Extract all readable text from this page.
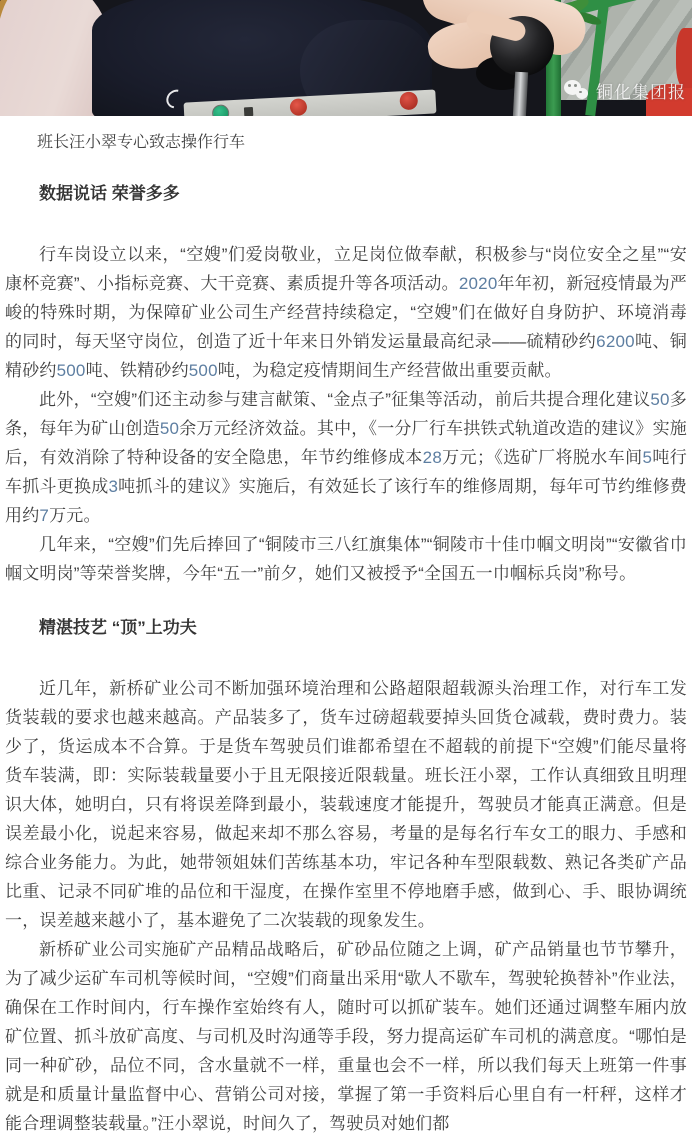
铜化集团报

班长汪小翠专心致志操作行车

数据说话 荣誉多多

行车岗设立以来，“空嫂”们爱岗敬业，立足岗位做奉献，积极参与“岗位安全之星”“安康杯竞赛”、小指标竞赛、大干竞赛、素质提升等各项活动。2020年年初，新冠疫情最为严峻的特殊时期，为保障矿业公司生产经营持续稳定，“空嫂”们在做好自身防护、环境消毒的同时，每天坚守岗位，创造了近十年来日外销发运量最高纪录——硫精砂约6200吨、铜精砂约500吨、铁精砂约500吨，为稳定疫情期间生产经营做出重要贡献。

此外，“空嫂”们还主动参与建言献策、“金点子”征集等活动，前后共提合理化建议50多条，每年为矿山创造50余万元经济效益。其中，《一分厂行车拱铁式轨道改造的建议》实施后，有效消除了特种设备的安全隐患，年节约维修成本28万元；《选矿厂将脱水车间5吨行车抓斗更换成3吨抓斗的建议》实施后，有效延长了该行车的维修周期，每年可节约维修费用约7万元。

几年来，“空嫂”们先后捧回了“铜陵市三八红旗集体”“铜陵市十佳巾帼文明岗”“安徽省巾帼文明岗”等荣誉奖牌，今年“五一”前夕，她们又被授予“全国五一巾帼标兵岗”称号。

精湛技艺 “顶”上功夫

近几年，新桥矿业公司不断加强环境治理和公路超限超载源头治理工作，对行车工发货装载的要求也越来越高。产品装多了，货车过磅超载要掉头回货仓减载，费时费力。装少了，货运成本不合算。于是货车驾驶员们谁都希望在不超载的前提下“空嫂”们能尽量将货车装满，即：实际装载量要小于且无限接近限载量。班长汪小翠，工作认真细致且明理识大体，她明白，只有将误差降到最小，装载速度才能提升，驾驶员才能真正满意。但是误差最小化，说起来容易，做起来却不那么容易，考量的是每名行车女工的眼力、手感和综合业务能力。为此，她带领姐妹们苦练基本功，牢记各种车型限载数、熟记各类矿产品比重、记录不同矿堆的品位和干湿度，在操作室里不停地磨手感，做到心、手、眼协调统一，误差越来越小了，基本避免了二次装载的现象发生。

新桥矿业公司实施矿产品精品战略后，矿砂品位随之上调，矿产品销量也节节攀升，为了减少运矿车司机等候时间，“空嫂”们商量出采用“歇人不歇车，驾驶轮换替补”作业法，确保在工作时间内，行车操作室始终有人，随时可以抓矿装车。她们还通过调整车厢内放矿位置、抓斗放矿高度、与司机及时沟通等手段，努力提高运矿车司机的满意度。“哪怕是同一种矿砂，品位不同，含水量就不一样，重量也会不一样，所以我们每天上班第一件事就是和质量计量监督中心、营销公司对接，掌握了第一手资料后心里自有一杆秤，这样才能合理调整装载量。”汪小翠说，时间久了，驾驶员对她们都
